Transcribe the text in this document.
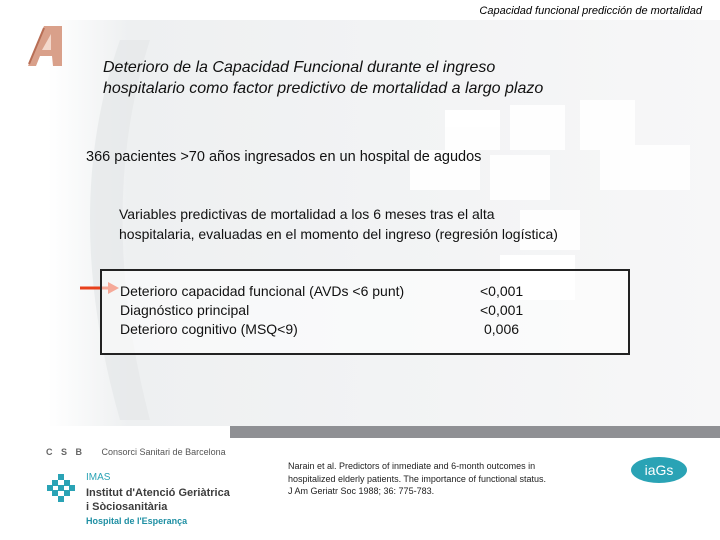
Capacidad funcional predicción de mortalidad
Deterioro de la Capacidad Funcional durante el ingreso
hospitalario como factor predictivo de mortalidad a largo plazo
366 pacientes >70 años ingresados en un hospital de agudos
Variables predictivas de mortalidad a los 6 meses tras el alta
hospitalaria, evaluadas en el momento del ingreso (regresión logística)
Deterioro capacidad funcional (AVDs <6 punt)	<0,001
Diagnóstico principal	<0,001
Deterioro cognitivo (MSQ<9)	0,006
C S B Consorci Sanitari de Barcelona
IMAS
Institut d'Atenció Geriàtrica
i Sòciosanitària
Hospital de l'Esperança
Narain et al. Predictors of inmediate and 6-month outcomes in
hospitalized elderly patients. The importance of functional status.
J Am Geriatr Soc 1988; 36: 775-783.
iaGs
